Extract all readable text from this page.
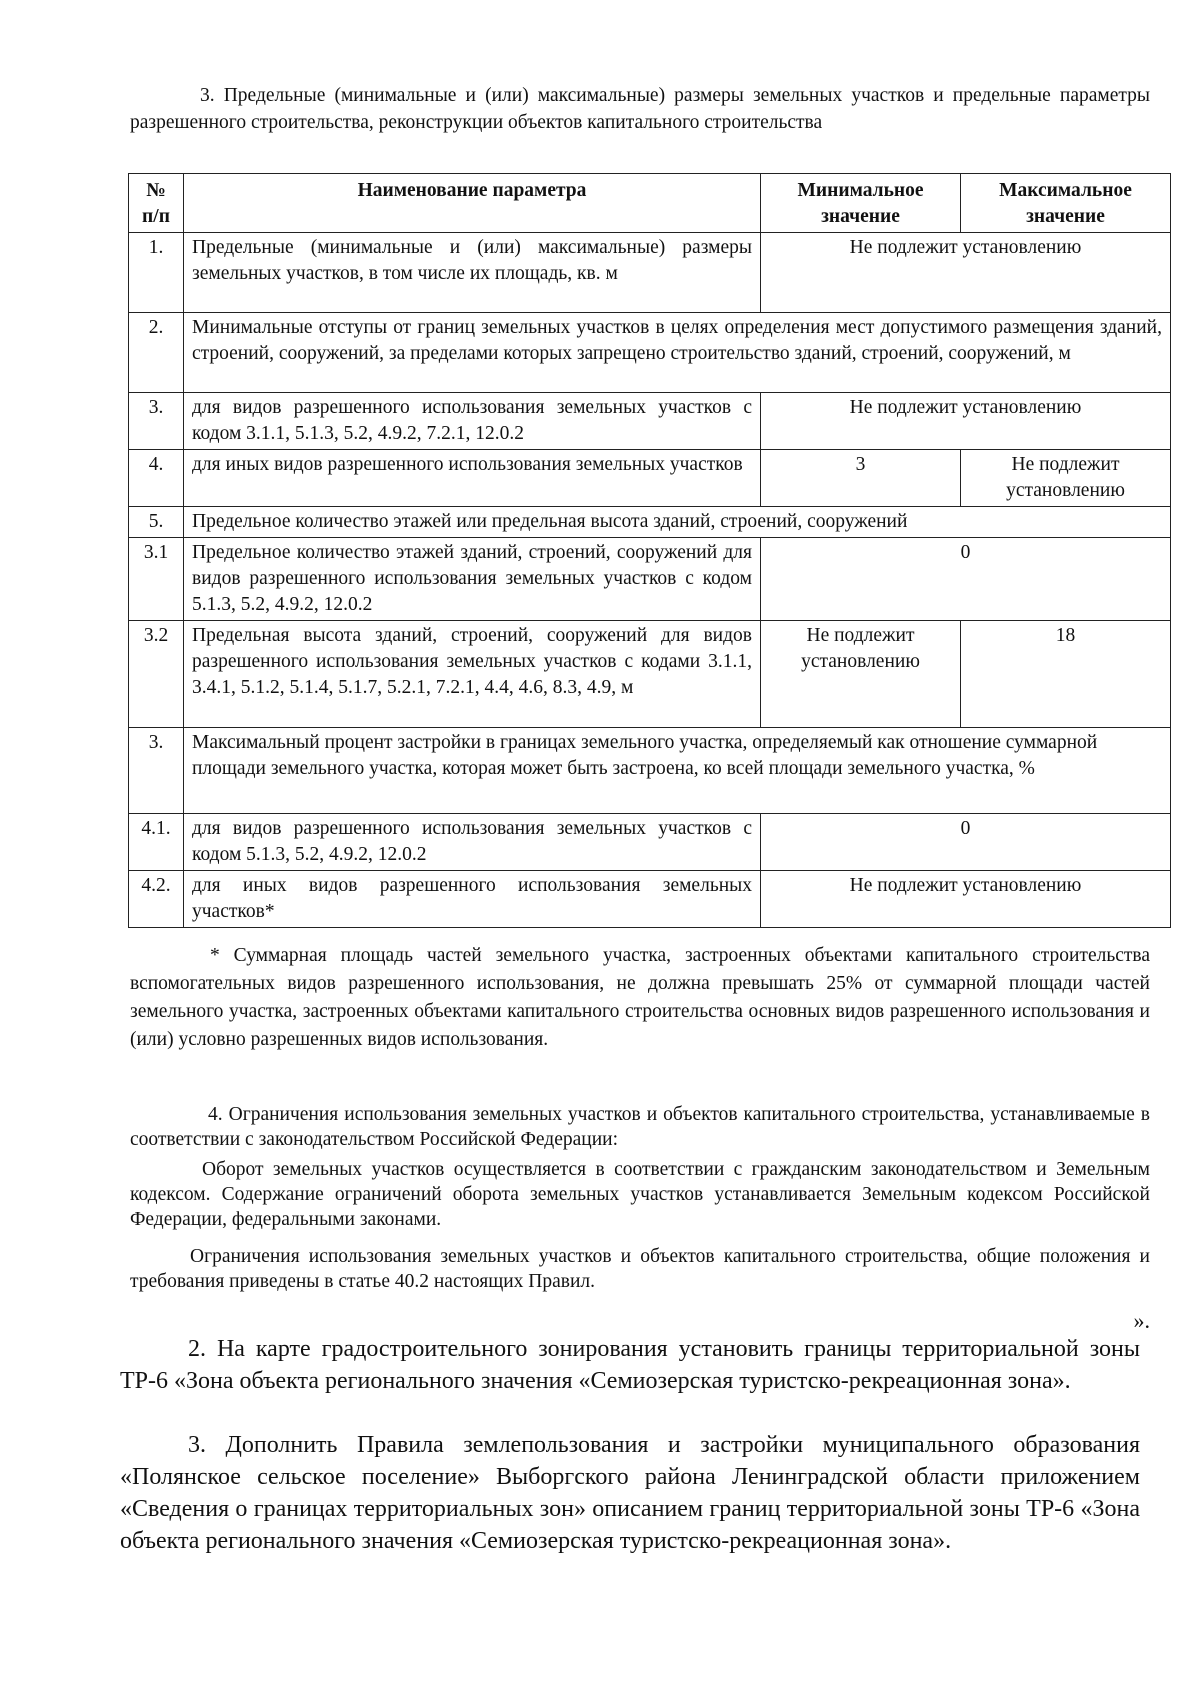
3. Предельные (минимальные и (или) максимальные) размеры земельных участков и предельные параметры разрешенного строительства, реконструкции объектов капитального строительства

№ п/п	Наименование параметра	Минимальное значение	Максимальное значение
1.	Предельные (минимальные и (или) максимальные) размеры земельных участков, в том числе их площадь, кв. м	Не подлежит установлению	
2.	Минимальные отступы от границ земельных участков в целях определения мест допустимого размещения зданий, строений, сооружений, за пределами которых запрещено строительство зданий, строений, сооружений, м		
3.	для видов разрешенного использования земельных участков с кодом 3.1.1, 5.1.3, 5.2, 4.9.2, 7.2.1, 12.0.2	Не подлежит установлению	
4.	для иных видов разрешенного использования земельных участков	3	Не подлежит установлению
5.	Предельное количество этажей или предельная высота зданий, строений, сооружений		
3.1	Предельное количество этажей зданий, строений, сооружений для видов разрешенного использования земельных участков с кодом 5.1.3, 5.2, 4.9.2, 12.0.2	0	
3.2	Предельная высота зданий, строений, сооружений для видов разрешенного использования земельных участков с кодами 3.1.1, 3.4.1, 5.1.2, 5.1.4, 5.1.7, 5.2.1, 7.2.1, 4.4, 4.6, 8.3, 4.9, м	Не подлежит установлению	18
3.	Максимальный процент застройки в границах земельного участка, определяемый как отношение суммарной площади земельного участка, которая может быть застроена, ко всей площади земельного участка, %		
4.1.	для видов разрешенного использования земельных участков с кодом 5.1.3, 5.2, 4.9.2, 12.0.2	0	
4.2.	для иных видов разрешенного использования земельных участков*	Не подлежит установлению	

* Суммарная площадь частей земельного участка, застроенных объектами капитального строительства вспомогательных видов разрешенного использования, не должна превышать 25% от суммарной площади частей земельного участка, застроенных объектами капитального строительства основных видов разрешенного использования и (или) условно разрешенных видов использования.

4. Ограничения использования земельных участков и объектов капитального строительства, устанавливаемые в соответствии с законодательством Российской Федерации:

Оборот земельных участков осуществляется в соответствии с гражданским законодательством и Земельным кодексом. Содержание ограничений оборота земельных участков устанавливается Земельным кодексом Российской Федерации, федеральными законами.

Ограничения использования земельных участков и объектов капитального строительства, общие положения и требования приведены в статье 40.2 настоящих Правил.

».

2. На карте градостроительного зонирования установить границы территориальной зоны ТР-6 «Зона объекта регионального значения «Семиозерская туристско-рекреационная зона».

3. Дополнить Правила землепользования и застройки муниципального образования «Полянское сельское поселение» Выборгского района Ленинградской области приложением «Сведения о границах территориальных зон» описанием границ территориальной зоны ТР-6 «Зона объекта регионального значения «Семиозерская туристско-рекреационная зона».
